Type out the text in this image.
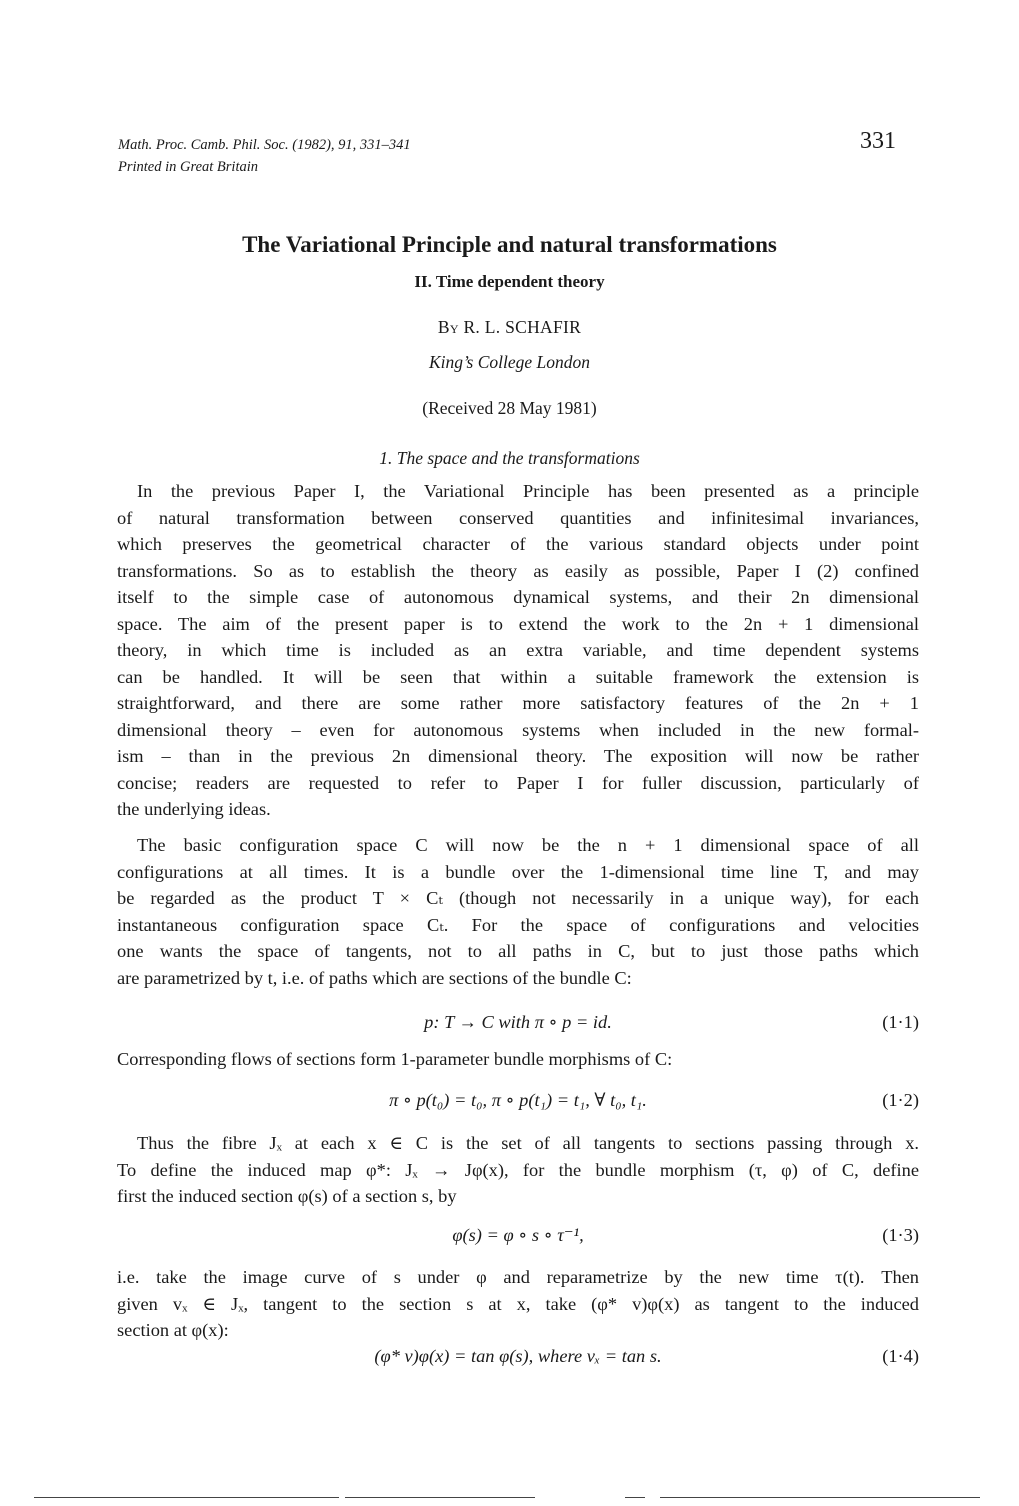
Math. Proc. Camb. Phil. Soc. (1982), 91, 331–341
Printed in Great Britain
331
The Variational Principle and natural transformations
II. Time dependent theory
By R. L. SCHAFIR
King’s College London
(Received 28 May 1981)
1. The space and the transformations
In the previous Paper I, the Variational Principle has been presented as a principle
of natural transformation between conserved quantities and infinitesimal invariances,
which preserves the geometrical character of the various standard objects under point
transformations. So as to establish the theory as easily as possible, Paper I (2) confined
itself to the simple case of autonomous dynamical systems, and their 2n dimensional
space. The aim of the present paper is to extend the work to the 2n + 1 dimensional
theory, in which time is included as an extra variable, and time dependent systems
can be handled. It will be seen that within a suitable framework the extension is
straightforward, and there are some rather more satisfactory features of the 2n + 1
dimensional theory – even for autonomous systems when included in the new formal-
ism – than in the previous 2n dimensional theory. The exposition will now be rather
concise; readers are requested to refer to Paper I for fuller discussion, particularly of
the underlying ideas.
The basic configuration space C will now be the n + 1 dimensional space of all
configurations at all times. It is a bundle over the 1-dimensional time line T, and may
be regarded as the product T × Cₜ (though not necessarily in a unique way), for each
instantaneous configuration space Cₜ. For the space of configurations and velocities
one wants the space of tangents, not to all paths in C, but to just those paths which
are parametrized by t, i.e. of paths which are sections of the bundle C:
p: T → C with π ∘ p = id.	(1·1)
Corresponding flows of sections form 1-parameter bundle morphisms of C:
π ∘ p(t₀) = t₀, π ∘ p(t₁) = t₁, ∀ t₀, t₁.	(1·2)
Thus the fibre Jₓ at each x ∈ C is the set of all tangents to sections passing through x.
To define the induced map φ*: Jₓ → Jφ(x), for the bundle morphism (τ, φ) of C, define
first the induced section φ(s) of a section s, by
φ(s) = φ ∘ s ∘ τ⁻¹,	(1·3)
i.e. take the image curve of s under φ and reparametrize by the new time τ(t). Then
given vₓ ∈ Jₓ, tangent to the section s at x, take (φ* v)φ(x) as tangent to the induced
section at φ(x):
(φ* v)φ(x) = tan φ(s), where vₓ = tan s.	(1·4)
